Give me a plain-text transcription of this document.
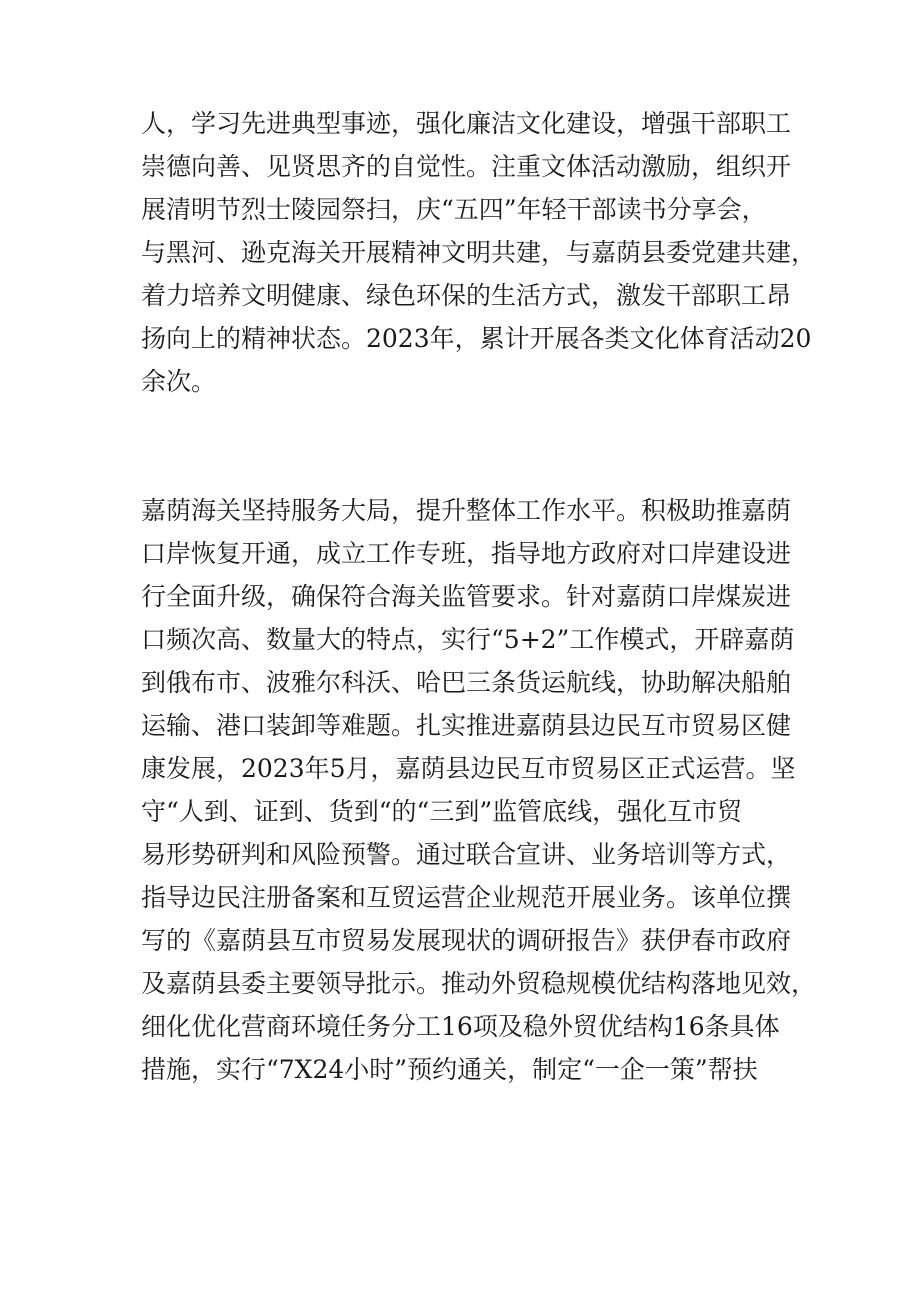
人，学习先进典型事迹，强化廉洁文化建设，增强干部职工
崇德向善、见贤思齐的自觉性。注重文体活动激励，组织开
展清明节烈士陵园祭扫，庆“五四”年轻干部读书分享会，
与黑河、逊克海关开展精神文明共建，与嘉荫县委党建共建，
着力培养文明健康、绿色环保的生活方式，激发干部职工昂
扬向上的精神状态。2023年，累计开展各类文化体育活动20
余次。
嘉荫海关坚持服务大局，提升整体工作水平。积极助推嘉荫
口岸恢复开通，成立工作专班，指导地方政府对口岸建设进
行全面升级，确保符合海关监管要求。针对嘉荫口岸煤炭进
口频次高、数量大的特点，实行“5+2”工作模式，开辟嘉荫
到俄布市、波雅尔科沃、哈巴三条货运航线，协助解决船舶
运输、港口装卸等难题。扎实推进嘉荫县边民互市贸易区健
康发展，2023年5月，嘉荫县边民互市贸易区正式运营。坚
守“人到、证到、货到“的“三到”监管底线，强化互市贸
易形势研判和风险预警。通过联合宣讲、业务培训等方式，
指导边民注册备案和互贸运营企业规范开展业务。该单位撰
写的《嘉荫县互市贸易发展现状的调研报告》获伊春市政府
及嘉荫县委主要领导批示。推动外贸稳规模优结构落地见效，
细化优化营商环境任务分工16项及稳外贸优结构16条具体
措施，实行“7X24小时”预约通关，制定“一企一策”帮扶
